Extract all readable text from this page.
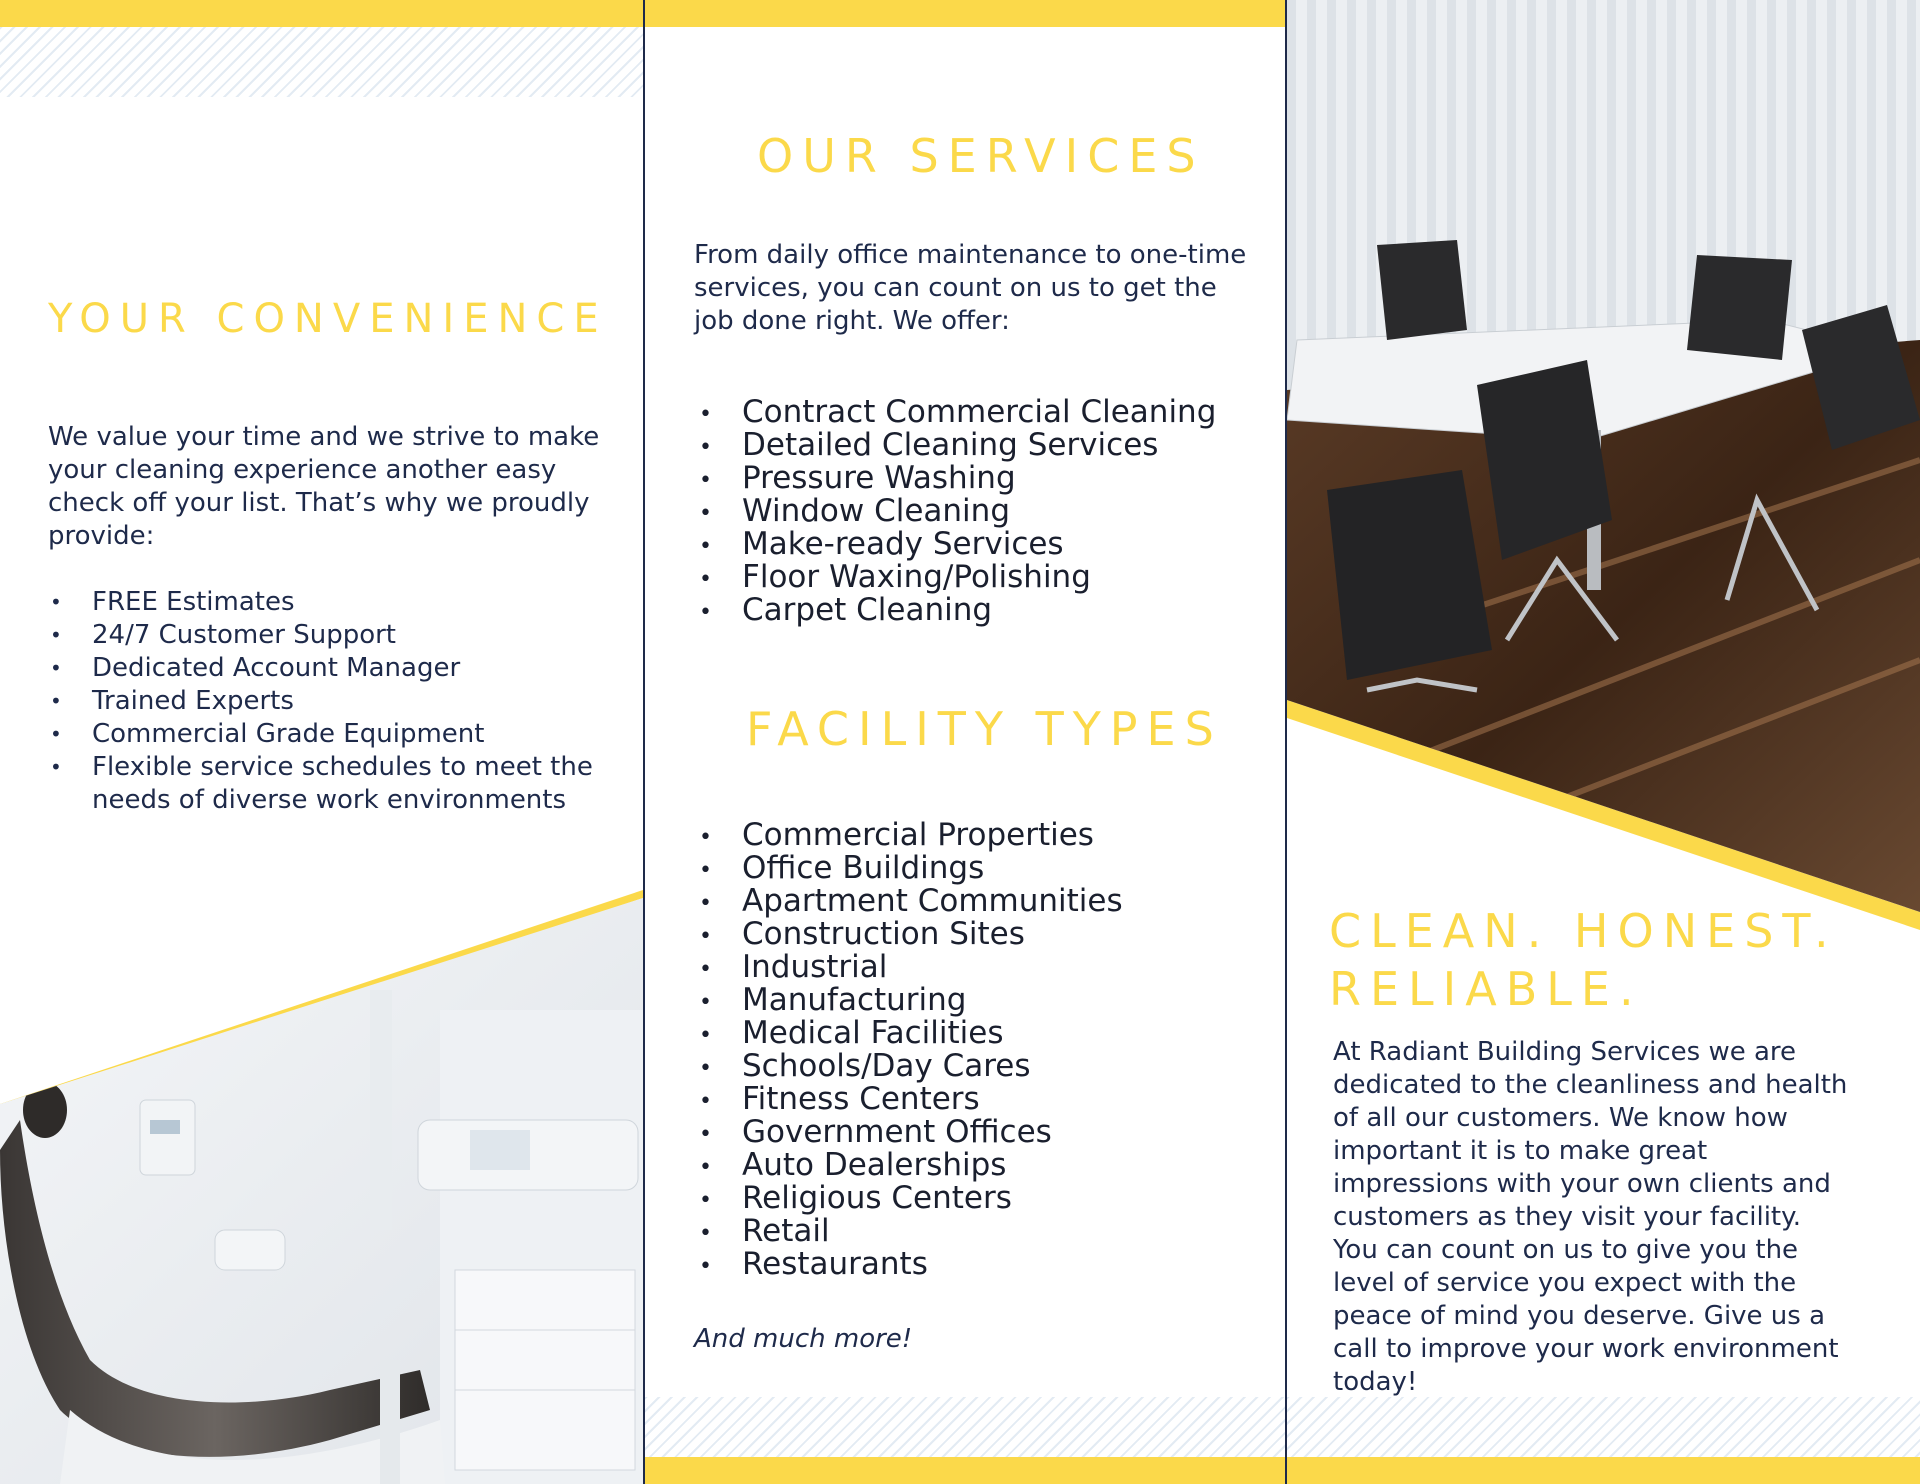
YOUR CONVENIENCE

We value your time and we strive to make your cleaning experience another easy check off your list. That’s why we proudly provide:

• FREE Estimates
• 24/7 Customer Support
• Dedicated Account Manager
• Trained Experts
• Commercial Grade Equipment
• Flexible service schedules to meet the needs of diverse work environments
OUR SERVICES

From daily office maintenance to one-time services, you can count on us to get the job done right. We offer:

• Contract Commercial Cleaning
• Detailed Cleaning Services
• Pressure Washing
• Window Cleaning
• Make-ready Services
• Floor Waxing/Polishing
• Carpet Cleaning
FACILITY TYPES
• Commercial Properties
• Office Buildings
• Apartment Communities
• Construction Sites
• Industrial
• Manufacturing
• Medical Facilities
• Schools/Day Cares
• Fitness Centers
• Government Offices
• Auto Dealerships
• Religious Centers
• Retail
• Restaurants

And much more!

CLEAN. HONEST.
RELIABLE.

At Radiant Building Services we are dedicated to the cleanliness and health of all our customers. We know how important it is to make great impressions with your own clients and customers as they visit your facility. You can count on us to give you the level of service you expect with the peace of mind you deserve. Give us a call to improve your work environment today!
